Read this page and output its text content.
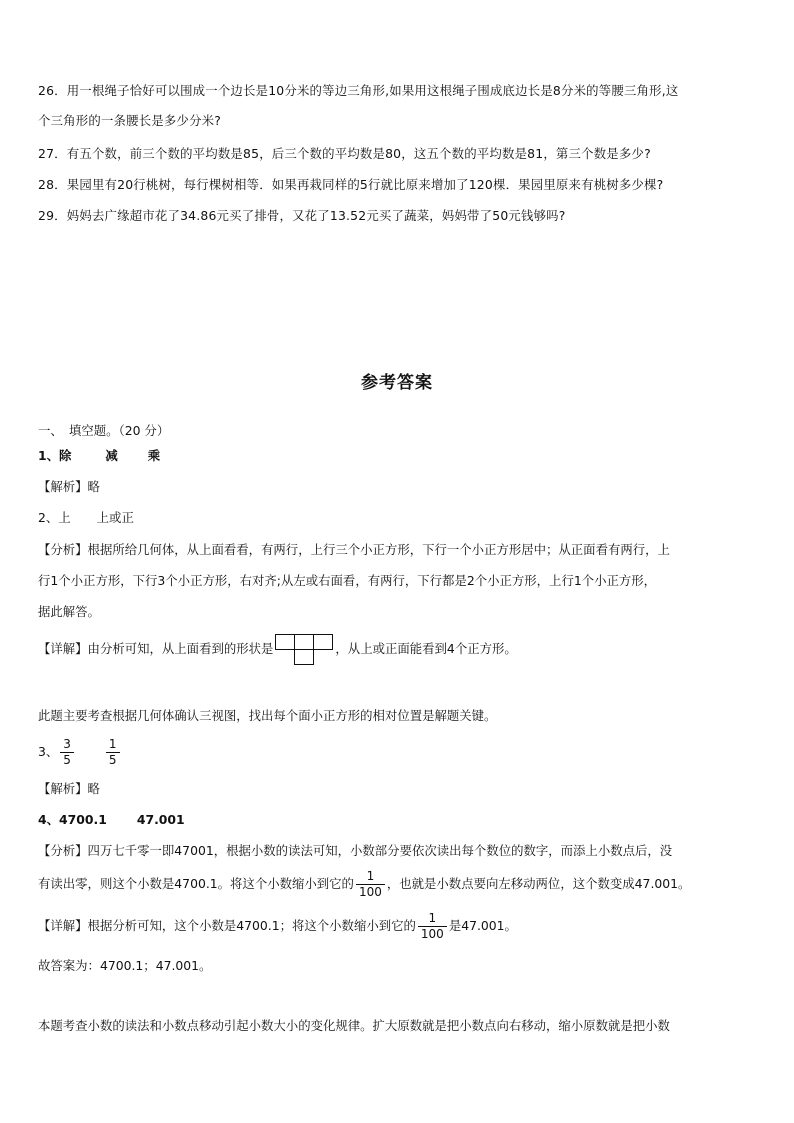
26．用一根绳子恰好可以围成一个边长是10分米的等边三角形,如果用这根绳子围成底边长是8分米的等腰三角形,这
个三角形的一条腰长是多少分米?
27．有五个数，前三个数的平均数是85，后三个数的平均数是80，这五个数的平均数是81，第三个数是多少?
28．果园里有20行桃树，每行棵树相等．如果再栽同样的5行就比原来增加了120棵．果园里原来有桃树多少棵?
29．妈妈去广缘超市花了34.86元买了排骨，又花了13.52元买了蔬菜，妈妈带了50元钱够吗?
参考答案
一、　填空题。（20 分）
1、除	减 乘
【解析】略
2、上 上或正
【分析】根据所给几何体，从上面看看，有两行，上行三个小正方形，下行一个小正方形居中；从正面看有两行，上
行1个小正方形，下行3个小正方形，右对齐;从左或右面看，有两行，下行都是2个小正方形，上行1个小正方形，
据此解答。
【详解】由分析可知，从上面看到的形状是	，从上或正面能看到4个正方形。
此题主要考查根据几何体确认三视图，找出每个面小正方形的相对位置是解题关键。
3、 $\frac{3}{5}$	$\frac{1}{5}$
【解析】略
4、4700.1 47.001
【分析】四万七千零一即47001，根据小数的读法可知，小数部分要依次读出每个数位的数字，而添上小数点后，没
有读出零，则这个小数是4700.1。将这个小数缩小到它的 $\frac{1}{100}$ ，也就是小数点要向左移动两位，这个数变成47.001。
【详解】根据分析可知，这个小数是4700.1；将这个小数缩小到它的 $\frac{1}{100}$ 是47.001。
故答案为：4700.1；47.001。
本题考查小数的读法和小数点移动引起小数大小的变化规律。扩大原数就是把小数点向右移动，缩小原数就是把小数
